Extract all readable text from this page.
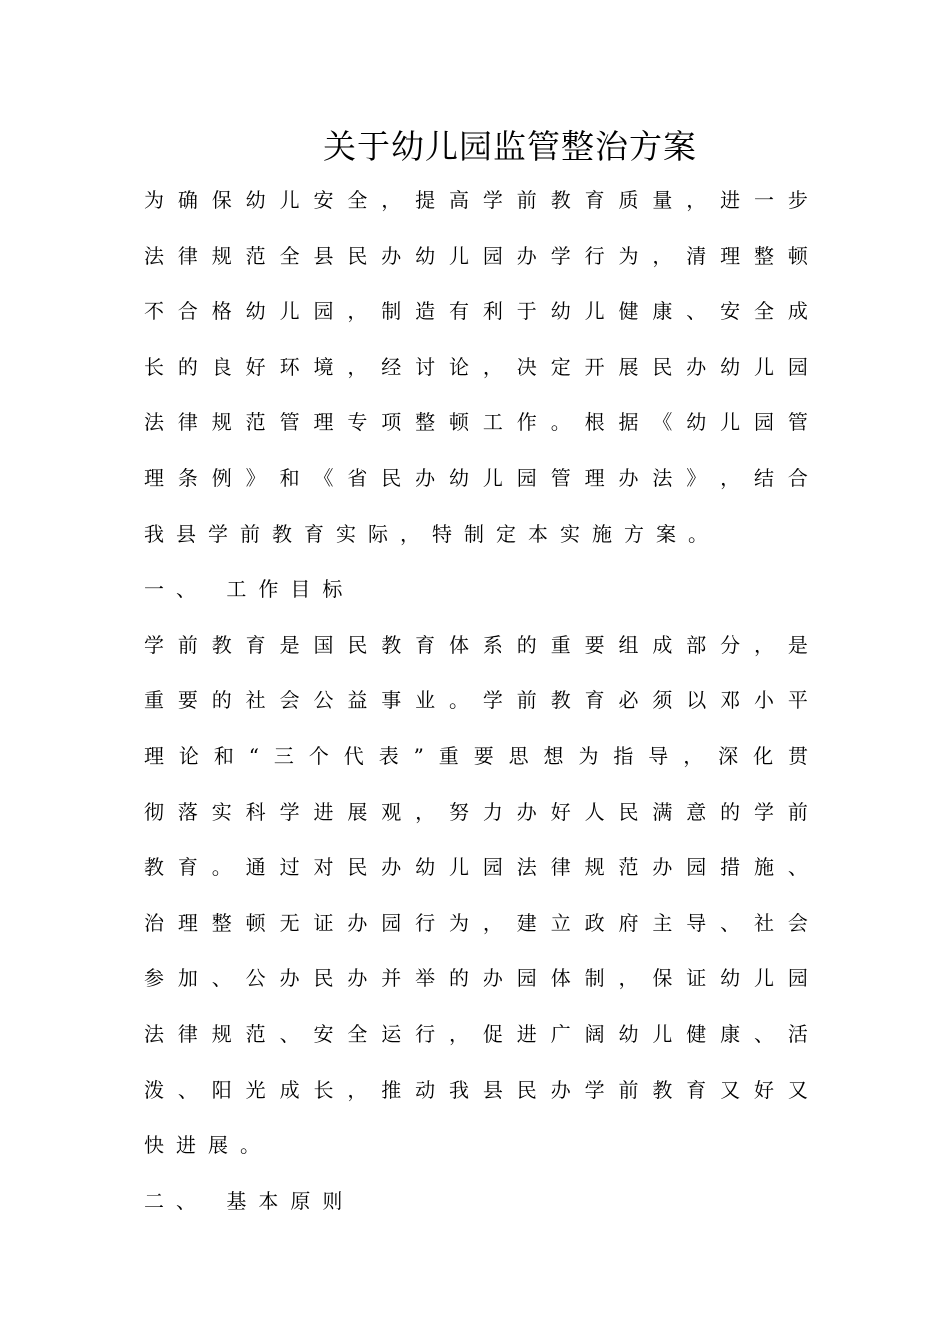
关于幼儿园监管整治方案
为 确 保 幼 儿 安 全 ， 提 高 学 前 教 育 质 量 ， 进 一 步
法 律 规 范 全 县 民 办 幼 儿 园 办 学 行 为 ， 清 理 整 顿
不 合 格 幼 儿 园 ， 制 造 有 利 于 幼 儿 健 康 、 安 全 成
长 的 良 好 环 境 ， 经 讨 论 ， 决 定 开 展 民 办 幼 儿 园
法 律 规 范 管 理 专 项 整 顿 工 作 。 根 据 《 幼 儿 园 管
理 条 例 》 和 《 省 民 办 幼 儿 园 管 理 办 法 》 ， 结 合
我县学前教育实际，特制定本实施方案。
一、 工作目标
学 前 教 育 是 国 民 教 育 体 系 的 重 要 组 成 部 分 ， 是
重 要 的 社 会 公 益 事 业 。 学 前 教 育 必 须 以 邓 小 平
理 论 和 “ 三 个 代 表 ” 重 要 思 想 为 指 导 ， 深 化 贯
彻 落 实 科 学 进 展 观 ， 努 力 办 好 人 民 满 意 的 学 前
教 育 。 通 过 对 民 办 幼 儿 园 法 律 规 范 办 园 措 施 、
治 理 整 顿 无 证 办 园 行 为 ， 建 立 政 府 主 导 、 社 会
参 加 、 公 办 民 办 并 举 的 办 园 体 制 ， 保 证 幼 儿 园
法 律 规 范 、 安 全 运 行 ， 促 进 广 阔 幼 儿 健 康 、 活
泼 、 阳 光 成 长 ， 推 动 我 县 民 办 学 前 教 育 又 好 又
快进展。
二、 基本原则
